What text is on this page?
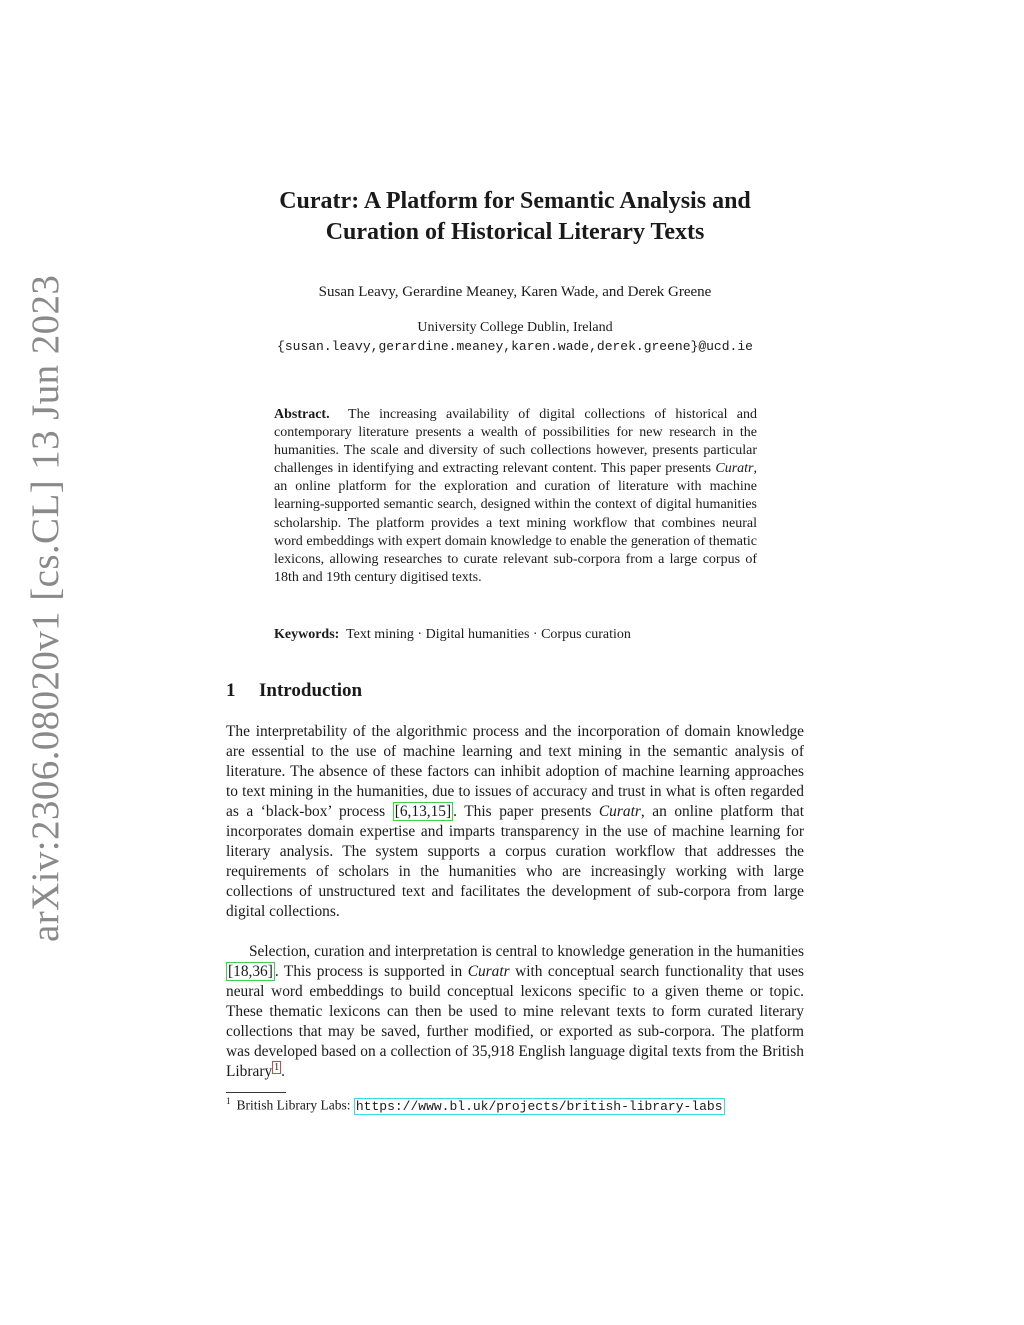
arXiv:2306.08020v1 [cs.CL] 13 Jun 2023
Curatr: A Platform for Semantic Analysis and
Curation of Historical Literary Texts
Susan Leavy, Gerardine Meaney, Karen Wade, and Derek Greene
University College Dublin, Ireland
{susan.leavy,gerardine.meaney,karen.wade,derek.greene}@ucd.ie
Abstract. The increasing availability of digital collections of historical and contemporary literature presents a wealth of possibilities for new research in the humanities. The scale and diversity of such collections however, presents particular challenges in identifying and extracting relevant content. This paper presents Curatr, an online platform for the exploration and curation of literature with machine learning-supported semantic search, designed within the context of digital humanities scholarship. The platform provides a text mining workflow that combines neural word embeddings with expert domain knowledge to enable the generation of thematic lexicons, allowing researches to curate relevant sub-corpora from a large corpus of 18th and 19th century digitised texts.
Keywords: Text mining · Digital humanities · Corpus curation
1 Introduction

The interpretability of the algorithmic process and the incorporation of domain knowledge are essential to the use of machine learning and text mining in the semantic analysis of literature. The absence of these factors can inhibit adoption of machine learning approaches to text mining in the humanities, due to issues of accuracy and trust in what is often regarded as a ‘black-box’ process [6,13,15] . This paper presents Curatr, an online platform that incorporates domain expertise and imparts transparency in the use of machine learning for literary analysis. The system supports a corpus curation workflow that addresses the requirements of scholars in the humanities who are increasingly working with large collections of unstructured text and facilitates the development of sub-corpora from large digital collections.

Selection, curation and interpretation is central to knowledge generation in the humanities [18,36] . This process is supported in Curatr with conceptual search functionality that uses neural word embeddings to build conceptual lexicons specific to a given theme or topic. These thematic lexicons can then be used to mine relevant texts to form curated literary collections that may be saved, further modified, or exported as sub-corpora. The platform was developed based on a collection of 35,918 English language digital texts from the British Library $^1$ .

$^1$ British Library Labs: https://www.bl.uk/projects/british-library-labs
